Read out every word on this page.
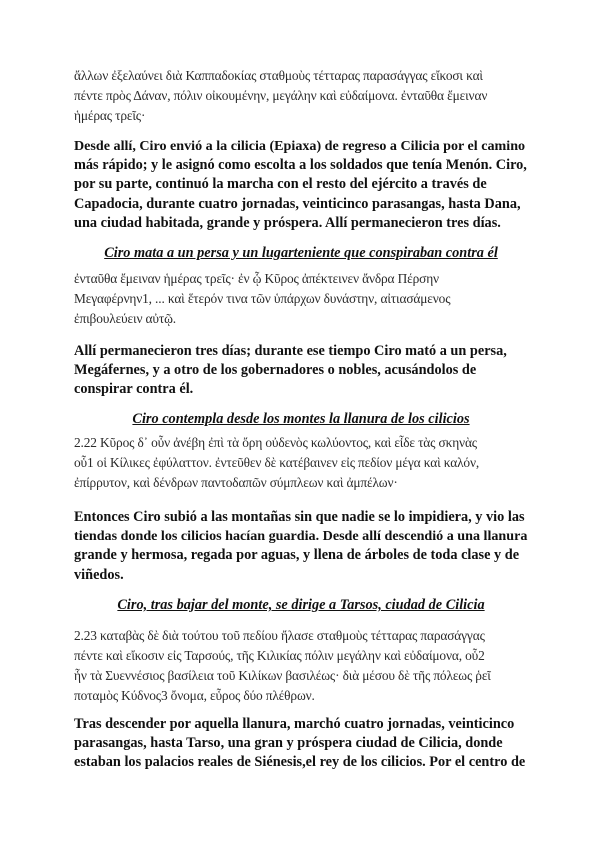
ἄλλων ἐξελαύνει διὰ Καππαδοκίας σταθμοὺς τέτταρας παρασάγγας εἴκοσι καὶ
πέντε πρὸς Δάναν, πόλιν οἰκουμένην, μεγάλην καὶ εὐδαίμονα. ἐνταῦθα ἔμειναν
ἡμέρας τρεῖς·

Desde allí, Ciro envió a la cilicia (Epiaxa) de regreso a Cilicia por el camino
más rápido; y le asignó como escolta a los soldados que tenía Menón. Ciro,
por su parte, continuó la marcha con el resto del ejército a través de
Capadocia, durante cuatro jornadas, veinticinco parasangas, hasta Dana,
una ciudad habitada, grande y próspera. Allí permanecieron tres días.

Ciro mata a un persa y un lugarteniente que conspiraban contra él

ἐνταῦθα ἔμειναν ἡμέρας τρεῖς· ἐν ᾧ Κῦρος ἀπέκτεινεν ἄνδρα Πέρσην
Μεγαφέρνην1, ... καὶ ἕτερόν τινα τῶν ὑπάρχων δυνάστην, αἰτιασάμενος
ἐπιβουλεύειν αὐτῷ.

Allí permanecieron tres días; durante ese tiempo Ciro mató a un persa,
Megáfernes, y a otro de los gobernadores o nobles, acusándolos de
conspirar contra él.

Ciro contempla desde los montes la llanura de los cilicios

2.22 Κῦρος δ᾽ οὖν ἀνέβη ἐπὶ τὰ ὄρη οὐδενὸς κωλύοντος, καὶ εἶδε τὰς σκηνὰς
οὗ1 οἱ Κίλικες ἐφύλαττον. ἐντεῦθεν δὲ κατέβαινεν εἰς πεδίον μέγα καὶ καλόν,
ἐπίρρυτον, καὶ δένδρων παντοδαπῶν σύμπλεων καὶ ἀμπέλων·

Entonces Ciro subió a las montañas sin que nadie se lo impidiera, y vio las
tiendas donde los cilicios hacían guardia. Desde allí descendió a una llanura
grande y hermosa, regada por aguas, y llena de árboles de toda clase y de
viñedos.

Ciro, tras bajar del monte, se dirige a Tarsos, ciudad de Cilicia

2.23 καταβὰς δὲ διὰ τούτου τοῦ πεδίου ἤλασε σταθμοὺς τέτταρας παρασάγγας
πέντε καὶ εἴκοσιν εἰς Ταρσούς, τῆς Κιλικίας πόλιν μεγάλην καὶ εὐδαίμονα, οὗ2
ἦν τὰ Συεννέσιος βασίλεια τοῦ Κιλίκων βασιλέως· διὰ μέσου δὲ τῆς πόλεως ῥεῖ
ποταμὸς Κύδνος3 ὄνομα, εὖρος δύο πλέθρων.

Tras descender por aquella llanura, marchó cuatro jornadas, veinticinco
parasangas, hasta Tarso, una gran y próspera ciudad de Cilicia, donde
estaban los palacios reales de Siénesis,el rey de los cilicios. Por el centro de
